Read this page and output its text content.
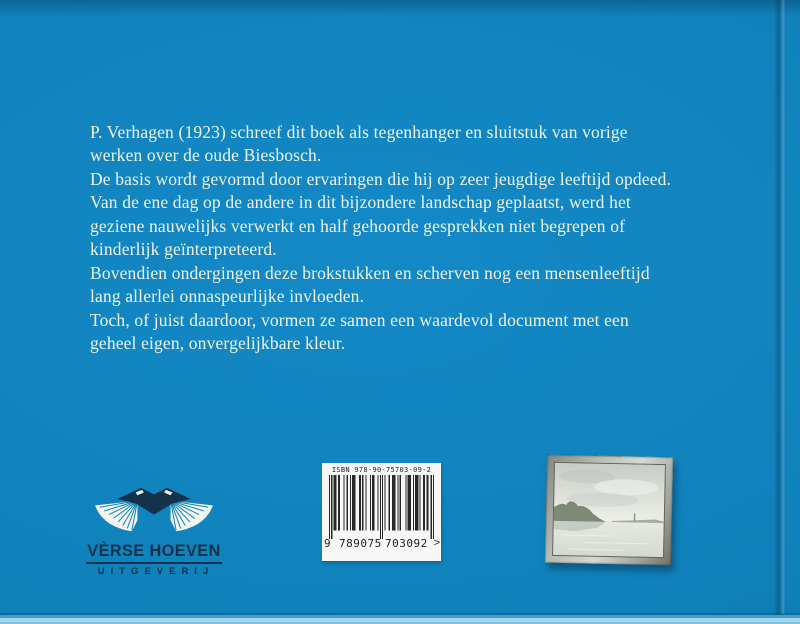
P. Verhagen (1923) schreef dit boek als tegenhanger en sluitstuk van vorige
werken over de oude Biesbosch.
De basis wordt gevormd door ervaringen die hij op zeer jeugdige leeftijd opdeed.
Van de ene dag op de andere in dit bijzondere landschap geplaatst, werd het
geziene nauwelijks verwerkt en half gehoorde gesprekken niet begrepen of
kinderlijk geïnterpreteerd.
Bovendien ondergingen deze brokstukken en scherven nog een mensenleeftijd
lang allerlei onnaspeurlijke invloeden.
Toch, of juist daardoor, vormen ze samen een waardevol document met een
geheel eigen, onvergelijkbare kleur.
VÈRSE HOEVEN
UITGEVERIJ
ISBN 978-90-75703-09-2
9 789075 703092 >
